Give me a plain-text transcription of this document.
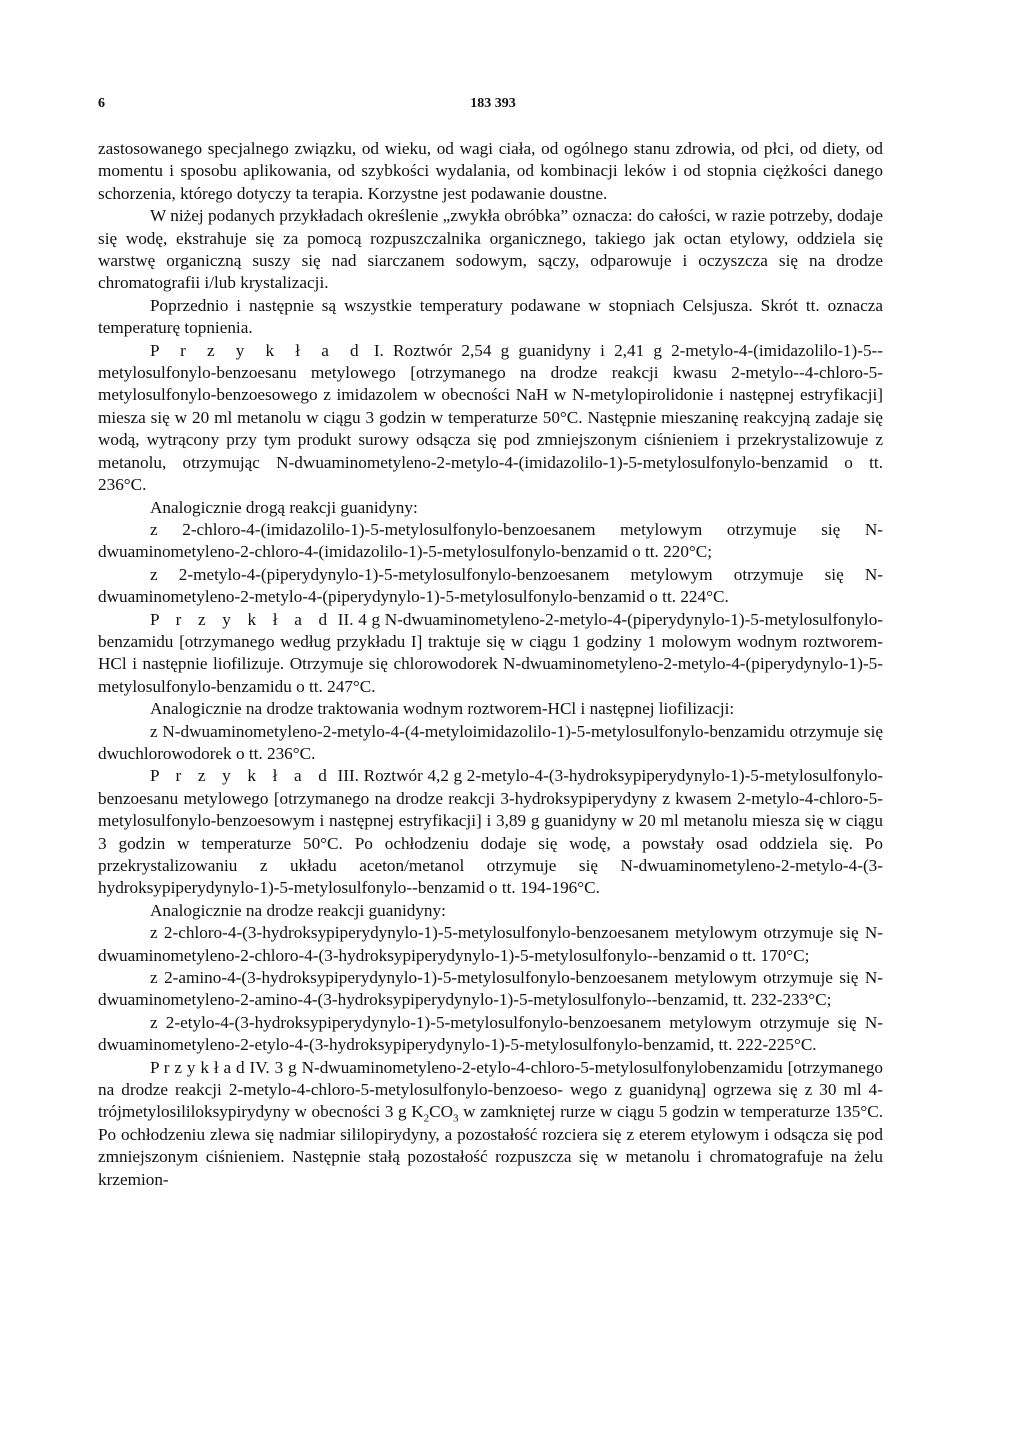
6	183 393

zastosowanego specjalnego związku, od wieku, od wagi ciała, od ogólnego stanu zdrowia, od płci, od diety, od momentu i sposobu aplikowania, od szybkości wydalania, od kombinacji leków i od stopnia ciężkości danego schorzenia, którego dotyczy ta terapia. Korzystne jest podawanie doustne.

W niżej podanych przykładach określenie „zwykła obróbka” oznacza: do całości, w razie potrzeby, dodaje się wodę, ekstrahuje się za pomocą rozpuszczalnika organicznego, takiego jak octan etylowy, oddziela się warstwę organiczną suszy się nad siarczanem sodowym, sączy, odparowuje i oczyszcza się na drodze chromatografii i/lub krystalizacji.

Poprzednio i następnie są wszystkie temperatury podawane w stopniach Celsjusza. Skrót tt. oznacza temperaturę topnienia.

P r z y k ł a d I. Roztwór 2,54 g guanidyny i 2,41 g 2-metylo-4-(imidazolilo-1)-5--metylosulfonylo-benzoesanu metylowego [otrzymanego na drodze reakcji kwasu 2-metylo--4-chloro-5-metylosulfonylo-benzoesowego z imidazolem w obecności NaH w N-metylopirolidonie i następnej estryfikacji] miesza się w 20 ml metanolu w ciągu 3 godzin w temperaturze 50°C. Następnie mieszaninę reakcyjną zadaje się wodą, wytrącony przy tym produkt surowy odsącza się pod zmniejszonym ciśnieniem i przekrystalizowuje z metanolu, otrzymując N-dwuaminometyleno-2-metylo-4-(imidazolilo-1)-5-metylosulfonylo-benzamid o tt. 236°C.

Analogicznie drogą reakcji guanidyny:

z 2-chloro-4-(imidazolilo-1)-5-metylosulfonylo-benzoesanem metylowym otrzymuje się N-dwuaminometyleno-2-chloro-4-(imidazolilo-1)-5-metylosulfonylo-benzamid o tt. 220°C;

z 2-metylo-4-(piperydynylo-1)-5-metylosulfonylo-benzoesanem metylowym otrzymuje się N-dwuaminometyleno-2-metylo-4-(piperydynylo-1)-5-metylosulfonylo-benzamid o tt. 224°C.

P r z y k ł a d II. 4 g N-dwuaminometyleno-2-metylo-4-(piperydynylo-1)-5-metylosulfonylo-benzamidu [otrzymanego według przykładu I] traktuje się w ciągu 1 godziny 1 molowym wodnym roztworem-HCl i następnie liofilizuje. Otrzymuje się chlorowodorek N-dwuaminometyleno-2-metylo-4-(piperydynylo-1)-5-metylosulfonylo-benzamidu o tt. 247°C.

Analogicznie na drodze traktowania wodnym roztworem-HCl i następnej liofilizacji:

z N-dwuaminometyleno-2-metylo-4-(4-metyloimidazolilo-1)-5-metylosulfonylo-benzamidu otrzymuje się dwuchlorowodorek o tt. 236°C.

P r z y k ł a d III. Roztwór 4,2 g 2-metylo-4-(3-hydroksypiperydynylo-1)-5-metylosulfonylo-benzoesanu metylowego [otrzymanego na drodze reakcji 3-hydroksypiperydyny z kwasem 2-metylo-4-chloro-5-metylosulfonylo-benzoesowym i następnej estryfikacji] i 3,89 g guanidyny w 20 ml metanolu miesza się w ciągu 3 godzin w temperaturze 50°C. Po ochłodzeniu dodaje się wodę, a powstały osad oddziela się. Po przekrystalizowaniu z układu aceton/metanol otrzymuje się N-dwuaminometyleno-2-metylo-4-(3-hydroksypiperydynylo-1)-5-metylosulfonylo--benzamid o tt. 194-196°C.

Analogicznie na drodze reakcji guanidyny:

z 2-chloro-4-(3-hydroksypiperydynylo-1)-5-metylosulfonylo-benzoesanem metylowym otrzymuje się N-dwuaminometyleno-2-chloro-4-(3-hydroksypiperydynylo-1)-5-metylosulfonylo--benzamid o tt. 170°C;

z 2-amino-4-(3-hydroksypiperydynylo-1)-5-metylosulfonylo-benzoesanem metylowym otrzymuje się N-dwuaminometyleno-2-amino-4-(3-hydroksypiperydynylo-1)-5-metylosulfonylo--benzamid, tt. 232-233°C;

z 2-etylo-4-(3-hydroksypiperydynylo-1)-5-metylosulfonylo-benzoesanem metylowym otrzymuje się N-dwuaminometyleno-2-etylo-4-(3-hydroksypiperydynylo-1)-5-metylosulfonylo-benzamid, tt. 222-225°C.

P r z y k ł a d IV. 3 g N-dwuaminometyleno-2-etylo-4-chloro-5-metylosulfonylobenzamidu [otrzymanego na drodze reakcji 2-metylo-4-chloro-5-metylosulfonylo-benzoeso- wego z guanidyną] ogrzewa się z 30 ml 4-trójmetylosililoksypirydyny w obecności 3 g $K_2CO_3$ w zamkniętej rurze w ciągu 5 godzin w temperaturze 135°C. Po ochłodzeniu zlewa się nadmiar sililopirydyny, a pozostałość rozciera się z eterem etylowym i odsącza się pod zmniejszonym ciśnieniem. Następnie stałą pozostałość rozpuszcza się w metanolu i chromatografuje na żelu krzemion-
